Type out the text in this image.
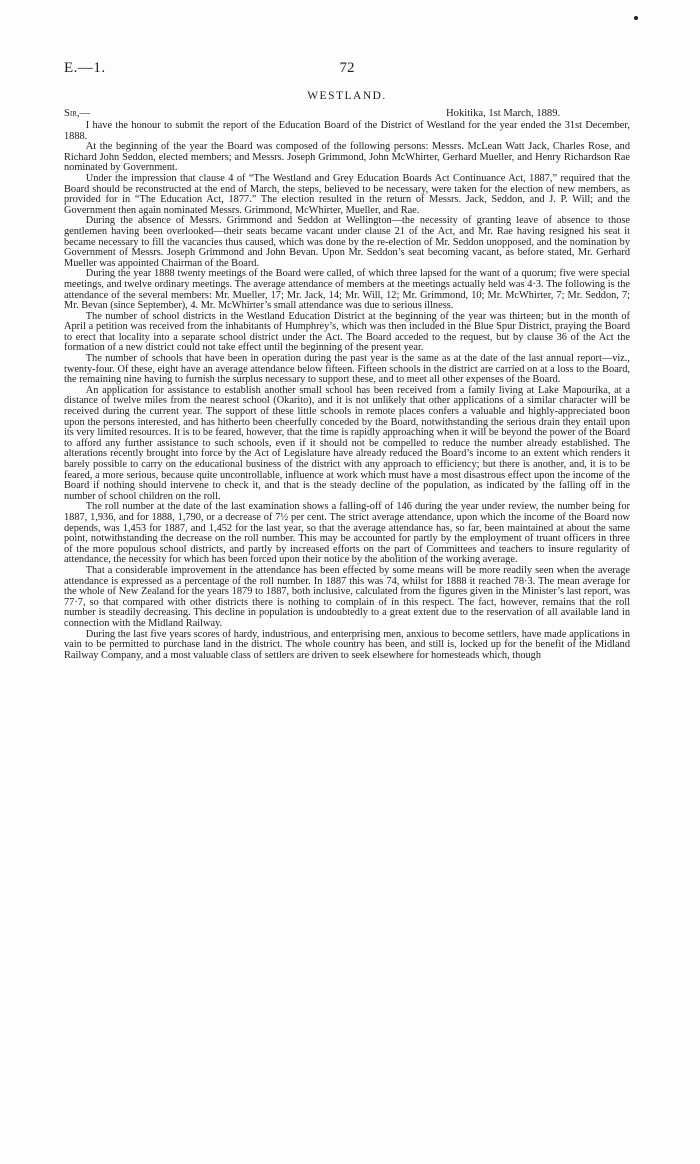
E.—1.	72
WESTLAND.
Sir,—	Hokitika, 1st March, 1889.

I have the honour to submit the report of the Education Board of the District of Westland for the year ended the 31st December, 1888.

At the beginning of the year the Board was composed of the following persons: Messrs. McLean Watt Jack, Charles Rose, and Richard John Seddon, elected members; and Messrs. Joseph Grimmond, John McWhirter, Gerhard Mueller, and Henry Richardson Rae nominated by Government.

Under the impression that clause 4 of “The Westland and Grey Education Boards Act Continuance Act, 1887,” required that the Board should be reconstructed at the end of March, the steps, believed to be necessary, were taken for the election of new members, as provided for in “The Education Act, 1877.” The election resulted in the return of Messrs. Jack, Seddon, and J. P. Will; and the Government then again nominated Messrs. Grimmond, McWhirter, Mueller, and Rae.

During the absence of Messrs. Grimmond and Seddon at Wellington—the necessity of granting leave of absence to those gentlemen having been overlooked—their seats became vacant under clause 21 of the Act, and Mr. Rae having resigned his seat it became necessary to fill the vacancies thus caused, which was done by the re-election of Mr. Seddon unopposed, and the nomination by Government of Messrs. Joseph Grimmond and John Bevan. Upon Mr. Seddon’s seat becoming vacant, as before stated, Mr. Gerhard Mueller was appointed Chairman of the Board.

During the year 1888 twenty meetings of the Board were called, of which three lapsed for the want of a quorum; five were special meetings, and twelve ordinary meetings. The average attendance of members at the meetings actually held was 4·3. The following is the attendance of the several members: Mr. Mueller, 17; Mr. Jack, 14; Mr. Will, 12; Mr. Grimmond, 10; Mr. McWhirter, 7; Mr. Seddon, 7; Mr. Bevan (since September), 4. Mr. McWhirter’s small attendance was due to serious illness.

The number of school districts in the Westland Education District at the beginning of the year was thirteen; but in the month of April a petition was received from the inhabitants of Humphrey’s, which was then included in the Blue Spur District, praying the Board to erect that locality into a separate school district under the Act. The Board acceded to the request, but by clause 36 of the Act the formation of a new district could not take effect until the beginning of the present year.

The number of schools that have been in operation during the past year is the same as at the date of the last annual report—viz., twenty-four. Of these, eight have an average attendance below fifteen. Fifteen schools in the district are carried on at a loss to the Board, the remaining nine having to furnish the surplus necessary to support these, and to meet all other expenses of the Board.

An application for assistance to establish another small school has been received from a family living at Lake Mapourika, at a distance of twelve miles from the nearest school (Okarito), and it is not unlikely that other applications of a similar character will be received during the current year. The support of these little schools in remote places confers a valuable and highly-appreciated boon upon the persons interested, and has hitherto been cheerfully conceded by the Board, notwithstanding the serious drain they entail upon its very limited resources. It is to be feared, however, that the time is rapidly approaching when it will be beyond the power of the Board to afford any further assistance to such schools, even if it should not be compelled to reduce the number already established. The alterations recently brought into force by the Act of Legislature have already reduced the Board’s income to an extent which renders it barely possible to carry on the educational business of the district with any approach to efficiency; but there is another, and, it is to be feared, a more serious, because quite uncontrollable, influence at work which must have a most disastrous effect upon the income of the Board if nothing should intervene to check it, and that is the steady decline of the population, as indicated by the falling off in the number of school children on the roll.

The roll number at the date of the last examination shows a falling-off of 146 during the year under review, the number being for 1887, 1,936, and for 1888, 1,790, or a decrease of 7½ per cent. The strict average attendance, upon which the income of the Board now depends, was 1,453 for 1887, and 1,452 for the last year, so that the average attendance has, so far, been maintained at about the same point, notwithstanding the decrease on the roll number. This may be accounted for partly by the employment of truant officers in three of the more populous school districts, and partly by increased efforts on the part of Committees and teachers to insure regularity of attendance, the necessity for which has been forced upon their notice by the abolition of the working average.

That a considerable improvement in the attendance has been effected by some means will be more readily seen when the average attendance is expressed as a percentage of the roll number. In 1887 this was 74, whilst for 1888 it reached 78·3. The mean average for the whole of New Zealand for the years 1879 to 1887, both inclusive, calculated from the figures given in the Minister’s last report, was 77·7, so that compared with other districts there is nothing to complain of in this respect. The fact, however, remains that the roll number is steadily decreasing. This decline in population is undoubtedly to a great extent due to the reservation of all available land in connection with the Midland Railway.

During the last five years scores of hardy, industrious, and enterprising men, anxious to become settlers, have made applications in vain to be permitted to purchase land in the district. The whole country has been, and still is, locked up for the benefit of the Midland Railway Company, and a most valuable class of settlers are driven to seek elsewhere for homesteads which, though
